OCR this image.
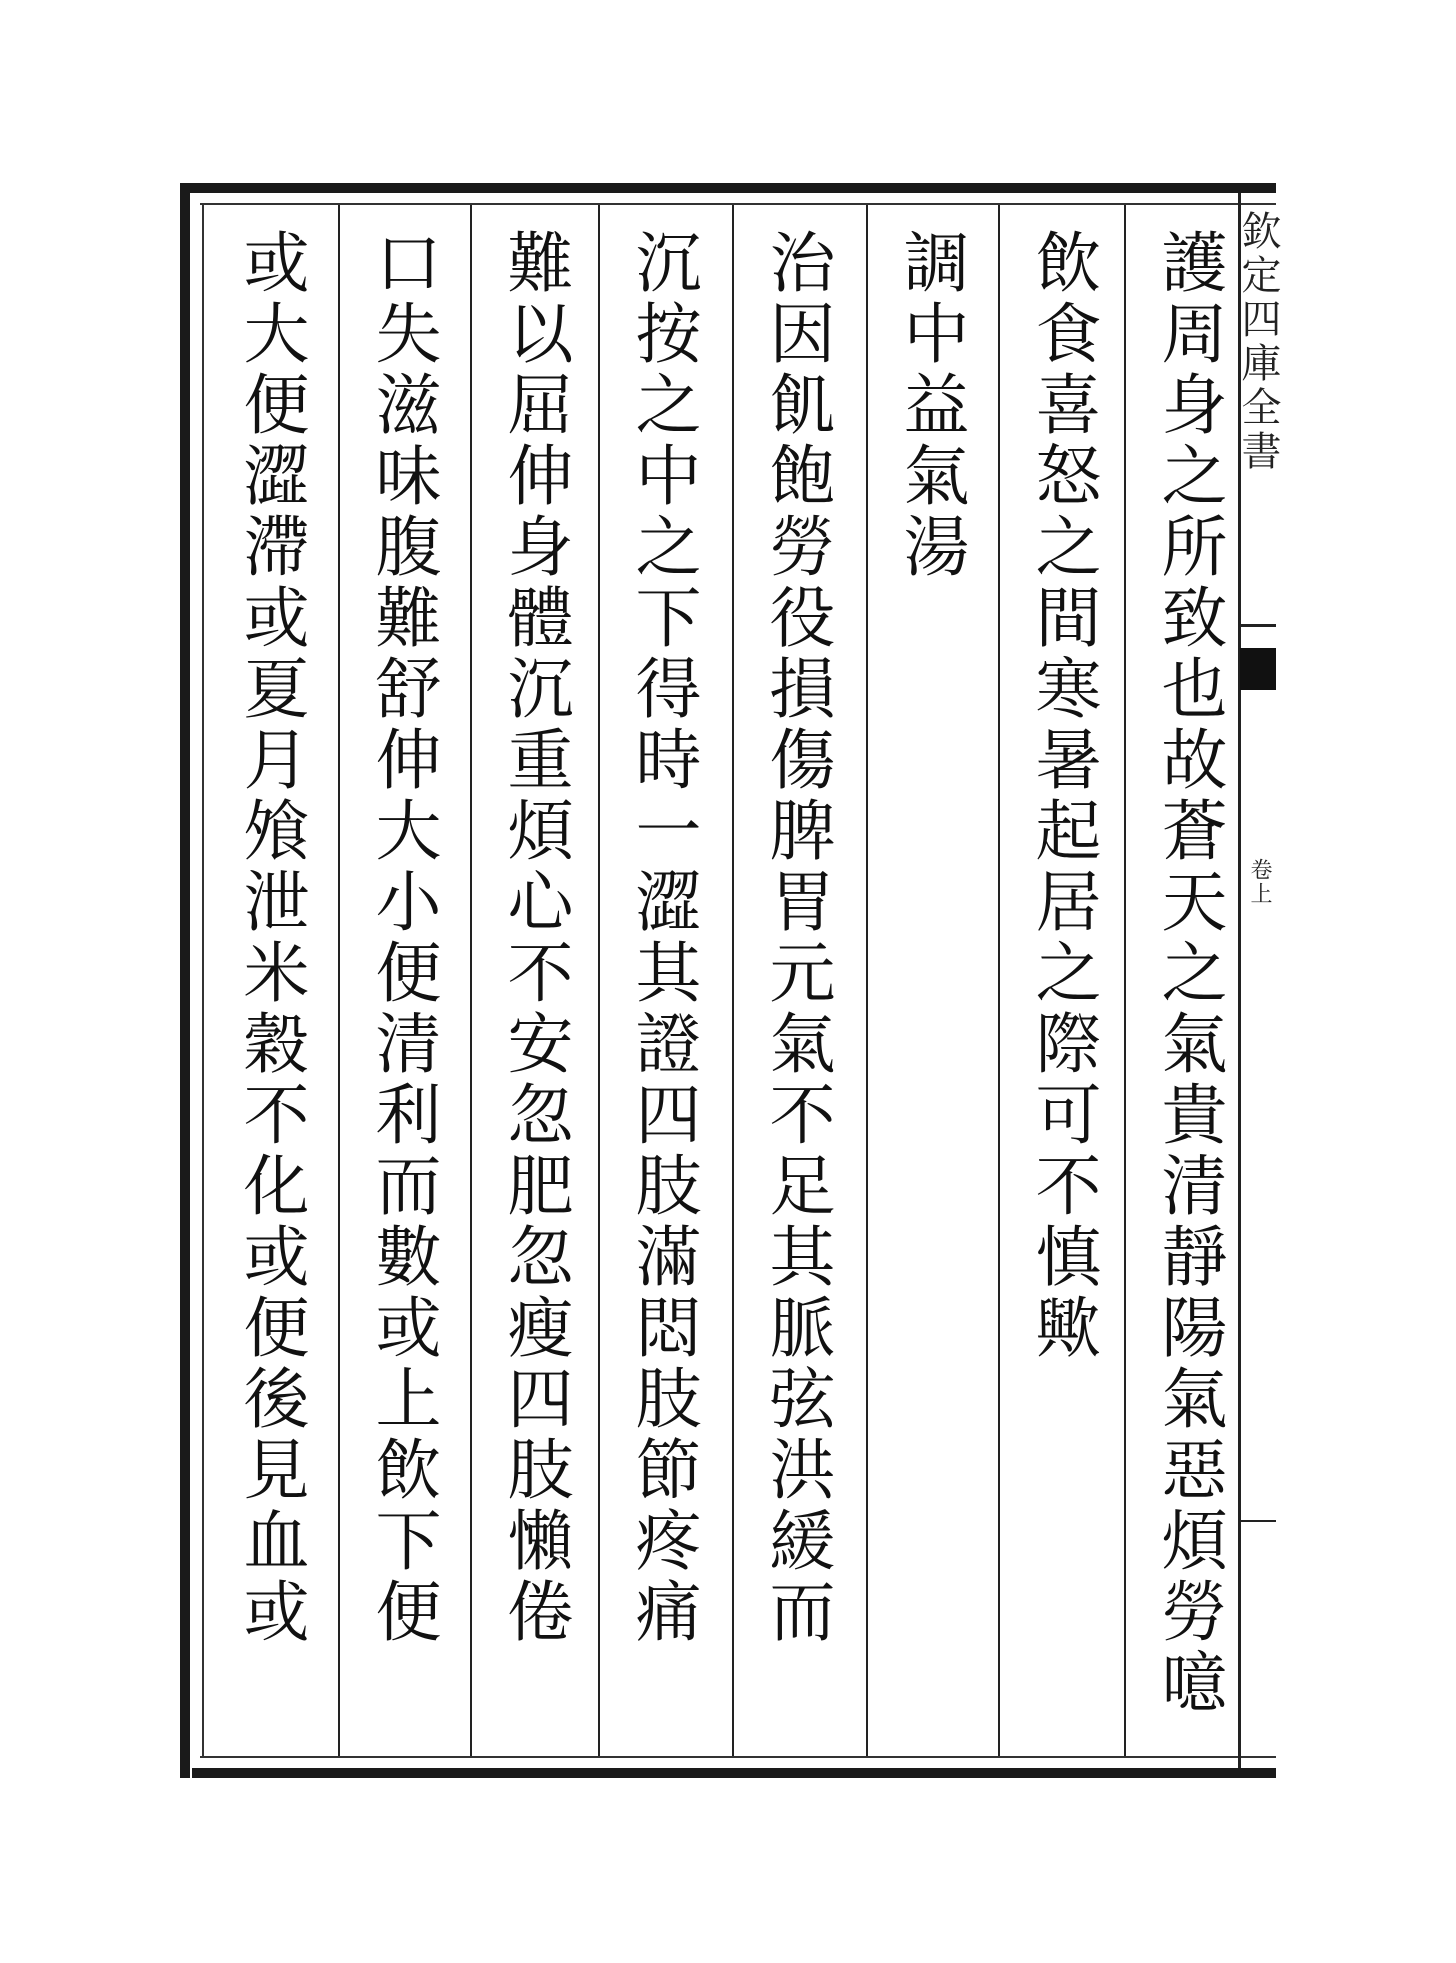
欽定四庫全書
卷上
護周身之所致也故蒼天之氣貴清靜陽氣惡煩勞噫
飲食喜怒之間寒暑起居之際可不慎歟
調中益氣湯
治因飢飽勞役損傷脾胃元氣不足其脈弦洪緩而
沉按之中之下得時一澀其證四肢滿悶肢節疼痛
難以屈伸身體沉重煩心不安忽肥忽瘦四肢懶倦
口失滋味腹難舒伸大小便清利而數或上飲下便
或大便澀滯或夏月飧泄米穀不化或便後見血或
